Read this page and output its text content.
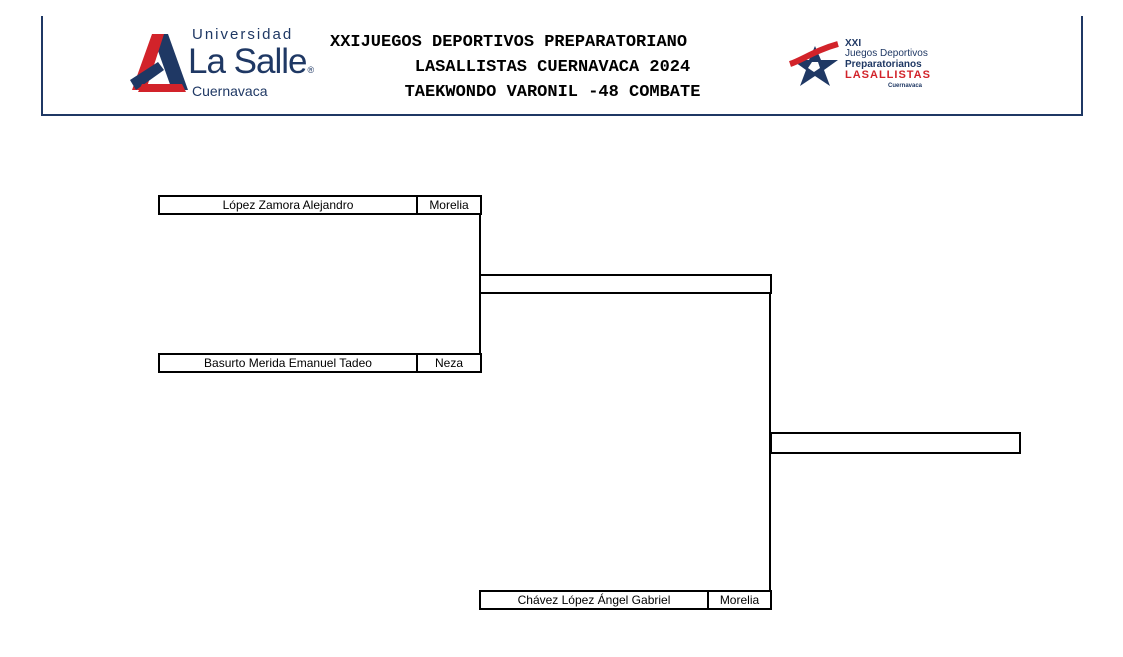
Universidad
La Salle®
Cuernavaca
XXIJUEGOS DEPORTIVOS PREPARATORIANO
LASALLISTAS CUERNAVACA 2024
TAEKWONDO VARONIL -48 COMBATE
XXI
Juegos Deportivos
Preparatorianos
LASALLISTAS
Cuernavaca
López Zamora Alejandro	Morelia
Basurto Merida Emanuel Tadeo	Neza
Chávez López Ángel Gabriel	Morelia
